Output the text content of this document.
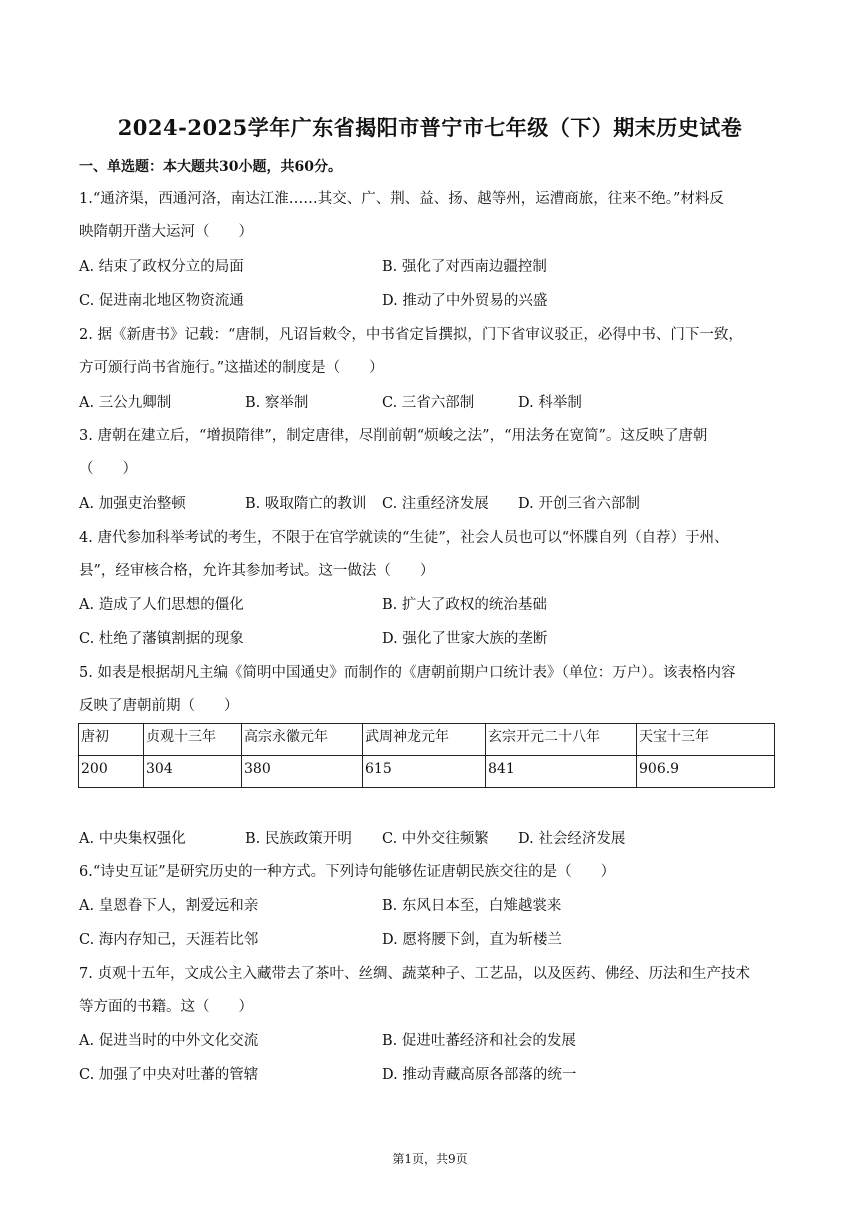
2024-2025学年广东省揭阳市普宁市七年级（下）期末历史试卷
一、单选题：本大题共30小题，共60分。
1.“通济渠，西通河洛，南达江淮……其交、广、荆、益、扬、越等州，运漕商旅，往来不绝。”材料反
映隋朝开凿大运河（　　）
A. 结束了政权分立的局面	B. 强化了对西南边疆控制
C. 促进南北地区物资流通	D. 推动了中外贸易的兴盛
2. 据《新唐书》记载：“唐制，凡诏旨敕令，中书省定旨撰拟，门下省审议驳正，必得中书、门下一致，
方可颁行尚书省施行。”这描述的制度是（　　）
A. 三公九卿制	B. 察举制	C. 三省六部制	D. 科举制
3. 唐朝在建立后，“增损隋律”，制定唐律，尽削前朝“烦峻之法”，“用法务在宽简”。这反映了唐朝
（　　）
A. 加强吏治整顿	B. 吸取隋亡的教训 C. 注重经济发展 D. 开创三省六部制
4. 唐代参加科举考试的考生，不限于在官学就读的“生徒”，社会人员也可以“怀牒自列（自荐）于州、
县”，经审核合格，允许其参加考试。这一做法（　　）
A. 造成了人们思想的僵化	B. 扩大了政权的统治基础
C. 杜绝了藩镇割据的现象	D. 强化了世家大族的垄断
5. 如表是根据胡凡主编《简明中国通史》而制作的《唐朝前期户口统计表》（单位：万户）。该表格内容
反映了唐朝前期（　　）
唐初	贞观十三年	高宗永徽元年	武周神龙元年	玄宗开元二十八年	天宝十三年
200	304	380	615	841	906.9
A. 中央集权强化	B. 民族政策开明 C. 中外交往频繁 D. 社会经济发展
6.“诗史互证”是研究历史的一种方式。下列诗句能够佐证唐朝民族交往的是（　　）
A. 皇恩眷下人，割爱远和亲	B. 东风日本至，白雉越裳来
C. 海内存知己，天涯若比邻	D. 愿将腰下剑，直为斩楼兰
7. 贞观十五年，文成公主入藏带去了茶叶、丝绸、蔬菜种子、工艺品，以及医药、佛经、历法和生产技术
等方面的书籍。这（　　）
A. 促进当时的中外文化交流	B. 促进吐蕃经济和社会的发展
C. 加强了中央对吐蕃的管辖	D. 推动青藏高原各部落的统一
第1页，共9页
